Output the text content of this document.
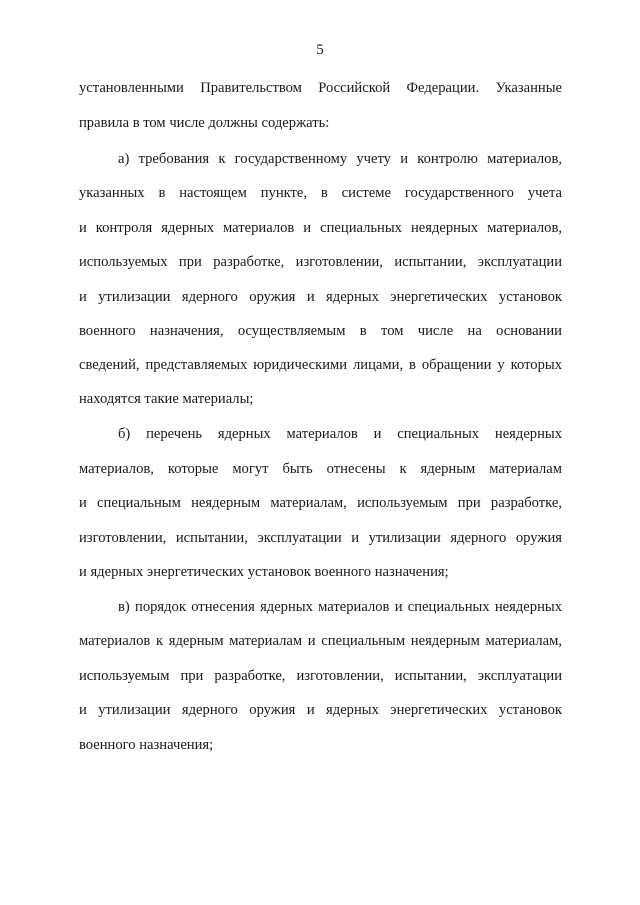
5
установленными Правительством Российской Федерации. Указанные
правила в том числе должны содержать:
а) требования к государственному учету и контролю материалов,
указанных в настоящем пункте, в системе государственного учета
и контроля ядерных материалов и специальных неядерных материалов,
используемых при разработке, изготовлении, испытании, эксплуатации
и утилизации ядерного оружия и ядерных энергетических установок
военного назначения, осуществляемым в том числе на основании
сведений, представляемых юридическими лицами, в обращении у которых
находятся такие материалы;
б) перечень ядерных материалов и специальных неядерных
материалов, которые могут быть отнесены к ядерным материалам
и специальным неядерным материалам, используемым при разработке,
изготовлении, испытании, эксплуатации и утилизации ядерного оружия
и ядерных энергетических установок военного назначения;
в) порядок отнесения ядерных материалов и специальных неядерных
материалов к ядерным материалам и специальным неядерным материалам,
используемым при разработке, изготовлении, испытании, эксплуатации
и утилизации ядерного оружия и ядерных энергетических установок
военного назначения;
